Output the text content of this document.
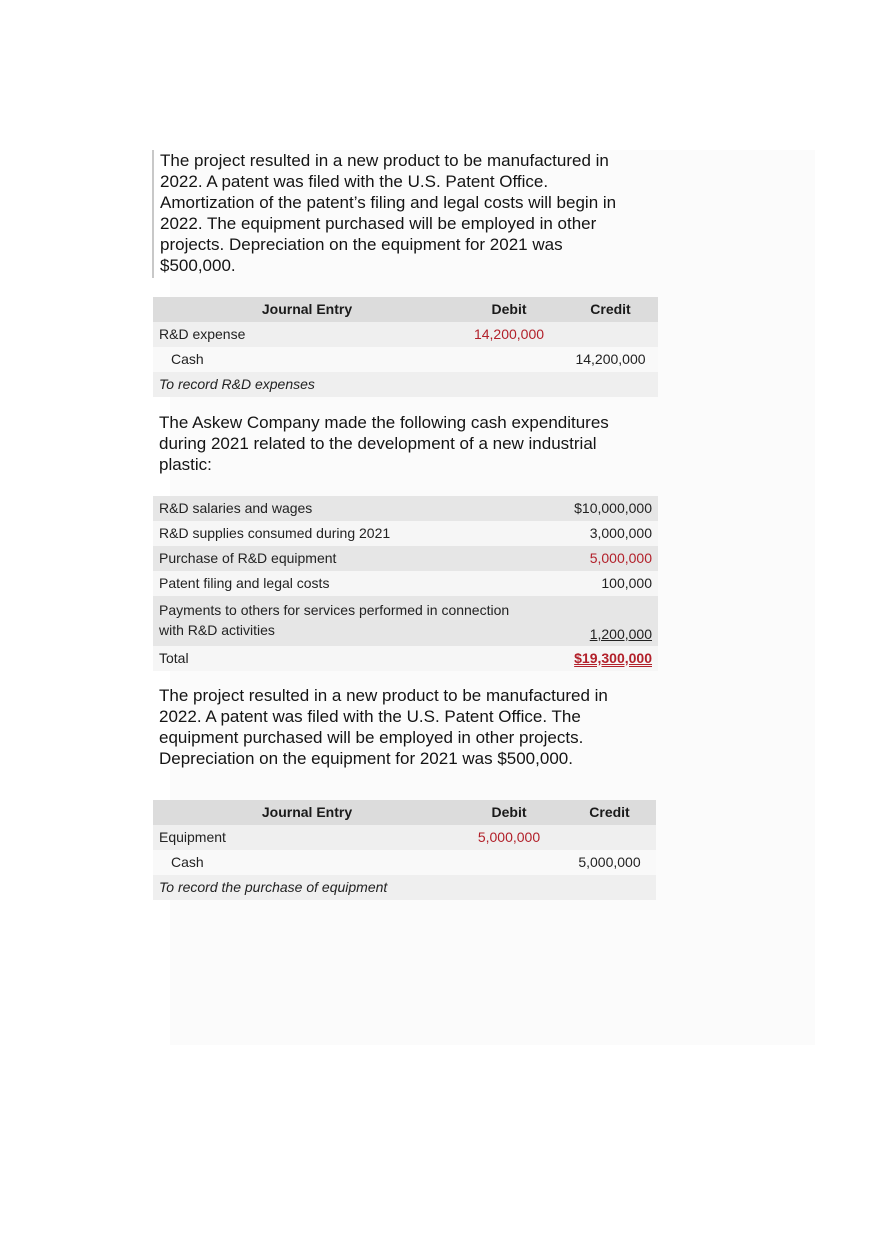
The project resulted in a new product to be manufactured in
2022. A patent was filed with the U.S. Patent Office.
Amortization of the patent’s filing and legal costs will begin in
2022. The equipment purchased will be employed in other
projects. Depreciation on the equipment for 2021 was
$500,000.

Journal Entry	Debit	Credit
R&D expense	14,200,000	
Cash		14,200,000
To record R&D expenses		

The Askew Company made the following cash expenditures
during 2021 related to the development of a new industrial
plastic:

R&D salaries and wages	$10,000,000
R&D supplies consumed during 2021	3,000,000
Purchase of R&D equipment	5,000,000
Patent filing and legal costs	100,000
Payments to others for services performed in connection
with R&D activities	1,200,000
Total	$19,300,000

The project resulted in a new product to be manufactured in
2022. A patent was filed with the U.S. Patent Office. The
equipment purchased will be employed in other projects.
Depreciation on the equipment for 2021 was $500,000.

Journal Entry	Debit	Credit
Equipment	5,000,000	
Cash		5,000,000
To record the purchase of equipment		
